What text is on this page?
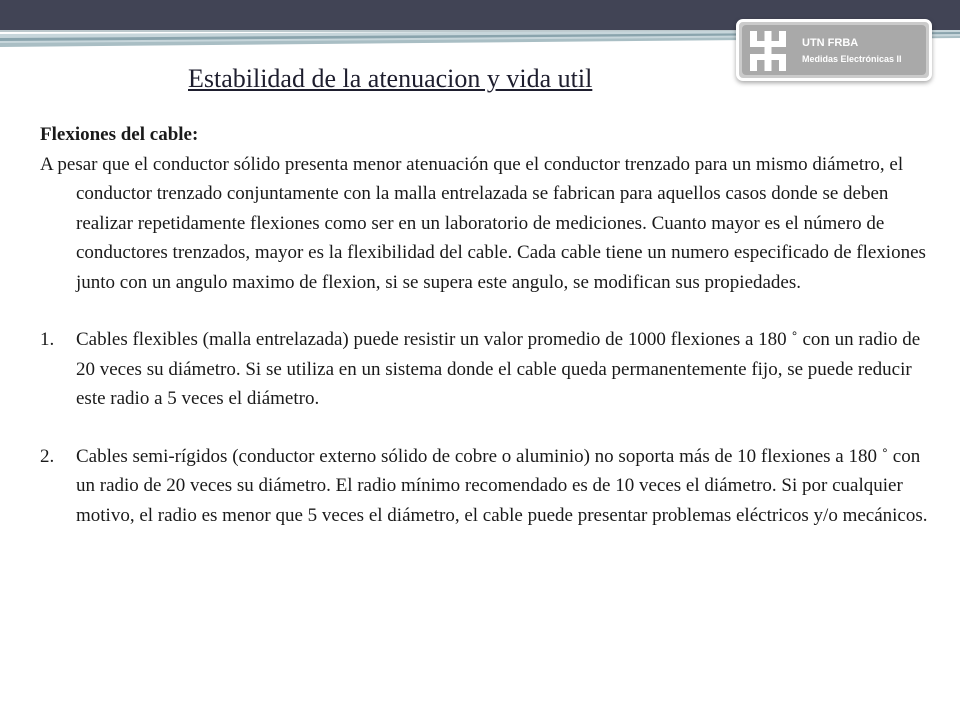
UTN FRBA
Medidas Electrónicas II
Estabilidad de la atenuacion y vida util
Flexiones del cable:

A pesar que el conductor sólido presenta menor atenuación que el conductor trenzado para un mismo diámetro, el conductor trenzado conjuntamente con la malla entrelazada se fabrican para aquellos casos donde se deben realizar repetidamente flexiones como ser en un laboratorio de mediciones. Cuanto mayor es el número de conductores trenzados, mayor es la flexibilidad del cable. Cada cable tiene un numero especificado de flexiones junto con un angulo maximo de flexion, si se supera este angulo, se modifican sus propiedades.

1. Cables flexibles (malla entrelazada) puede resistir un valor promedio de 1000 flexiones a 180 ˚ con un radio de 20 veces su diámetro. Si se utiliza en un sistema donde el cable queda permanentemente fijo, se puede reducir este radio a 5 veces el diámetro.
2. Cables semi-rígidos (conductor externo sólido de cobre o aluminio) no soporta más de 10 flexiones a 180 ˚ con un radio de 20 veces su diámetro. El radio mínimo recomendado es de 10 veces el diámetro. Si por cualquier motivo, el radio es menor que 5 veces el diámetro, el cable puede presentar problemas eléctricos y/o mecánicos.
